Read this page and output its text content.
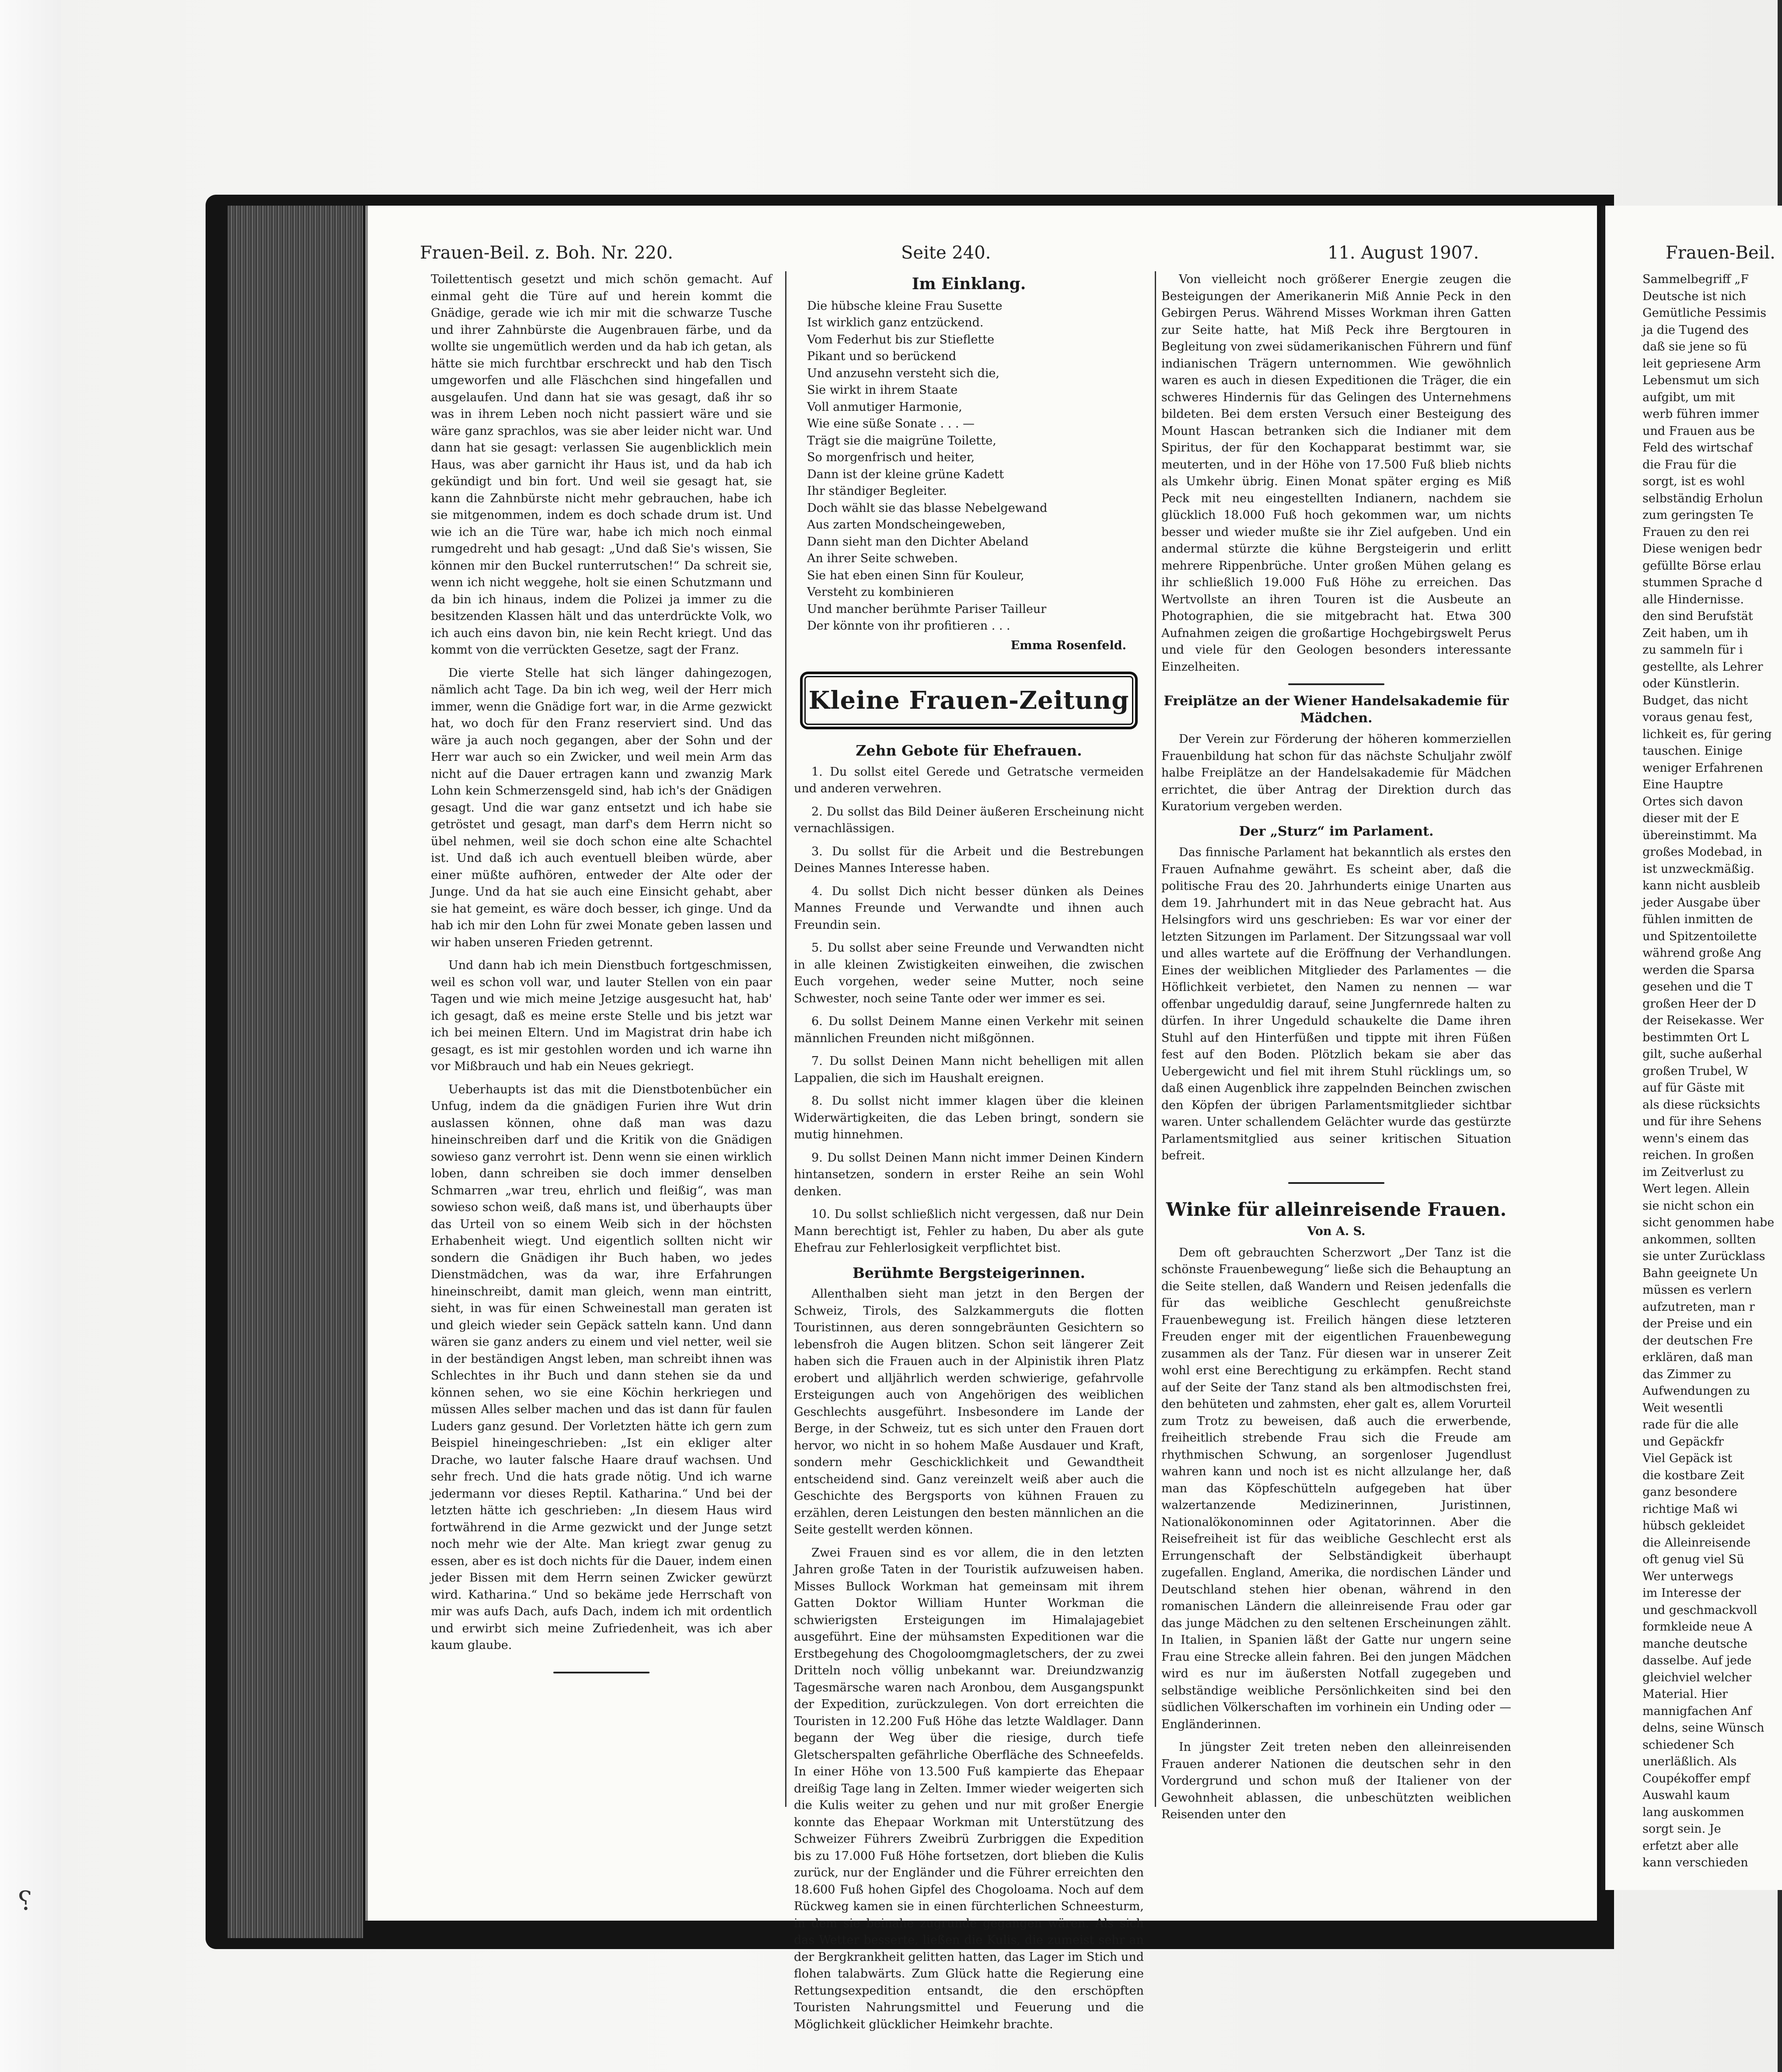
Frauen-Beil. z. Boh. Nr. 220.	Seite 240.	11. August 1907.	Frauen-Beil.

Toilettentisch gesetzt und mich schön gemacht. Auf einmal geht die Türe auf und herein kommt die Gnädige, gerade wie ich mir mit die schwarze Tusche und ihrer Zahnbürste die Augenbrauen färbe, und da wollte sie ungemütlich werden und da hab ich getan, als hätte sie mich furchtbar erschreckt und hab den Tisch umgeworfen und alle Fläschchen sind hingefallen und ausgelaufen. Und dann hat sie was gesagt, daß ihr so was in ihrem Leben noch nicht passiert wäre und sie wäre ganz sprachlos, was sie aber leider nicht war. Und dann hat sie gesagt: verlassen Sie augenblicklich mein Haus, was aber garnicht ihr Haus ist, und da hab ich gekündigt und bin fort. Und weil sie gesagt hat, sie kann die Zahnbürste nicht mehr gebrauchen, habe ich sie mitgenommen, indem es doch schade drum ist. Und wie ich an die Türe war, habe ich mich noch einmal rumgedreht und hab gesagt: „Und daß Sie's wissen, Sie können mir den Buckel runterrutschen!“ Da schreit sie, wenn ich nicht weggehe, holt sie einen Schutzmann und da bin ich hinaus, indem die Polizei ja immer zu die besitzenden Klassen hält und das unterdrückte Volk, wo ich auch eins davon bin, nie kein Recht kriegt. Und das kommt von die verrückten Gesetze, sagt der Franz.

Die vierte Stelle hat sich länger dahingezogen, nämlich acht Tage. Da bin ich weg, weil der Herr mich immer, wenn die Gnädige fort war, in die Arme gezwickt hat, wo doch für den Franz reserviert sind. Und das wäre ja auch noch gegangen, aber der Sohn und der Herr war auch so ein Zwicker, und weil mein Arm das nicht auf die Dauer ertragen kann und zwanzig Mark Lohn kein Schmerzensgeld sind, hab ich's der Gnädigen gesagt. Und die war ganz entsetzt und ich habe sie getröstet und gesagt, man darf's dem Herrn nicht so übel nehmen, weil sie doch schon eine alte Schachtel ist. Und daß ich auch eventuell bleiben würde, aber einer müßte aufhören, entweder der Alte oder der Junge. Und da hat sie auch eine Einsicht gehabt, aber sie hat gemeint, es wäre doch besser, ich ginge. Und da hab ich mir den Lohn für zwei Monate geben lassen und wir haben unseren Frieden getrennt.

Und dann hab ich mein Dienstbuch fortgeschmissen, weil es schon voll war, und lauter Stellen von ein paar Tagen und wie mich meine Jetzige ausgesucht hat, hab' ich gesagt, daß es meine erste Stelle und bis jetzt war ich bei meinen Eltern. Und im Magistrat drin habe ich gesagt, es ist mir gestohlen worden und ich warne ihn vor Mißbrauch und hab ein Neues gekriegt.

Ueberhaupts ist das mit die Dienstbotenbücher ein Unfug, indem da die gnädigen Furien ihre Wut drin auslassen können, ohne daß man was dazu hineinschreiben darf und die Kritik von die Gnädigen sowieso ganz verrohrt ist. Denn wenn sie einen wirklich loben, dann schreiben sie doch immer denselben Schmarren „war treu, ehrlich und fleißig“, was man sowieso schon weiß, daß mans ist, und überhaupts über das Urteil von so einem Weib sich in der höchsten Erhabenheit wiegt. Und eigentlich sollten nicht wir sondern die Gnädigen ihr Buch haben, wo jedes Dienstmädchen, was da war, ihre Erfahrungen hineinschreibt, damit man gleich, wenn man eintritt, sieht, in was für einen Schweinestall man geraten ist und gleich wieder sein Gepäck satteln kann. Und dann wären sie ganz anders zu einem und viel netter, weil sie in der beständigen Angst leben, man schreibt ihnen was Schlechtes in ihr Buch und dann stehen sie da und können sehen, wo sie eine Köchin herkriegen und müssen Alles selber machen und das ist dann für faulen Luders ganz gesund. Der Vorletzten hätte ich gern zum Beispiel hineingeschrieben: „Ist ein ekliger alter Drache, wo lauter falsche Haare drauf wachsen. Und sehr frech. Und die hats grade nötig. Und ich warne jedermann vor dieses Reptil. Katharina.“ Und bei der letzten hätte ich geschrieben: „In diesem Haus wird fortwährend in die Arme gezwickt und der Junge setzt noch mehr wie der Alte. Man kriegt zwar genug zu essen, aber es ist doch nichts für die Dauer, indem einen jeder Bissen mit dem Herrn seinen Zwicker gewürzt wird. Katharina.“ Und so bekäme jede Herrschaft von mir was aufs Dach, aufs Dach, indem ich mit ordentlich und erwirbt sich meine Zufriedenheit, was ich aber kaum glaube.

Im Einklang.
Die hübsche kleine Frau Susette
Ist wirklich ganz entzückend.
Vom Federhut bis zur Stieflette
Pikant und so berückend
Und anzusehn versteht sich die,
Sie wirkt in ihrem Staate
Voll anmutiger Harmonie,
Wie eine süße Sonate . . . —
Trägt sie die maigrüne Toilette,
So morgenfrisch und heiter,
Dann ist der kleine grüne Kadett
Ihr ständiger Begleiter.
Doch wählt sie das blasse Nebelgewand
Aus zarten Mondscheingeweben,
Dann sieht man den Dichter Abeland
An ihrer Seite schweben.
Sie hat eben einen Sinn für Kouleur,
Versteht zu kombinieren
Und mancher berühmte Pariser Tailleur
Der könnte von ihr profitieren . . .
Emma Rosenfeld.
Kleine Frauen-Zeitung
Zehn Gebote für Ehefrauen.

1. Du sollst eitel Gerede und Getratsche vermeiden und anderen verwehren.

2. Du sollst das Bild Deiner äußeren Erscheinung nicht vernachlässigen.

3. Du sollst für die Arbeit und die Bestrebungen Deines Mannes Interesse haben.

4. Du sollst Dich nicht besser dünken als Deines Mannes Freunde und Verwandte und ihnen auch Freundin sein.

5. Du sollst aber seine Freunde und Verwandten nicht in alle kleinen Zwistigkeiten einweihen, die zwischen Euch vorgehen, weder seine Mutter, noch seine Schwester, noch seine Tante oder wer immer es sei.

6. Du sollst Deinem Manne einen Verkehr mit seinen männlichen Freunden nicht mißgönnen.

7. Du sollst Deinen Mann nicht behelligen mit allen Lappalien, die sich im Haushalt ereignen.

8. Du sollst nicht immer klagen über die kleinen Widerwärtigkeiten, die das Leben bringt, sondern sie mutig hinnehmen.

9. Du sollst Deinen Mann nicht immer Deinen Kindern hintansetzen, sondern in erster Reihe an sein Wohl denken.

10. Du sollst schließlich nicht vergessen, daß nur Dein Mann berechtigt ist, Fehler zu haben, Du aber als gute Ehefrau zur Fehlerlosigkeit verpflichtet bist.

Berühmte Bergsteigerinnen.

Allenthalben sieht man jetzt in den Bergen der Schweiz, Tirols, des Salzkammerguts die flotten Touristinnen, aus deren sonngebräunten Gesichtern so lebensfroh die Augen blitzen. Schon seit längerer Zeit haben sich die Frauen auch in der Alpinistik ihren Platz erobert und alljährlich werden schwierige, gefahrvolle Ersteigungen auch von Angehörigen des weiblichen Geschlechts ausgeführt. Insbesondere im Lande der Berge, in der Schweiz, tut es sich unter den Frauen dort hervor, wo nicht in so hohem Maße Ausdauer und Kraft, sondern mehr Geschicklichkeit und Gewandtheit entscheidend sind. Ganz vereinzelt weiß aber auch die Geschichte des Bergsports von kühnen Frauen zu erzählen, deren Leistungen den besten männlichen an die Seite gestellt werden können.

Zwei Frauen sind es vor allem, die in den letzten Jahren große Taten in der Touristik aufzuweisen haben. Misses Bullock Workman hat gemeinsam mit ihrem Gatten Doktor William Hunter Workman die schwierigsten Ersteigungen im Himalajagebiet ausgeführt. Eine der mühsamsten Expeditionen war die Erstbegehung des Chogoloomgmagletschers, der zu zwei Dritteln noch völlig unbekannt war. Dreiundzwanzig Tagesmärsche waren nach Aronbou, dem Ausgangspunkt der Expedition, zurückzulegen. Von dort erreichten die Touristen in 12.200 Fuß Höhe das letzte Waldlager. Dann begann der Weg über die riesige, durch tiefe Gletscherspalten gefährliche Oberfläche des Schneefelds. In einer Höhe von 13.500 Fuß kampierte das Ehepaar dreißig Tage lang in Zelten. Immer wieder weigerten sich die Kulis weiter zu gehen und nur mit großer Energie konnte das Ehepaar Workman mit Unterstützung des Schweizer Führers Zweibrü Zurbriggen die Expedition bis zu 17.000 Fuß Höhe fortsetzen, dort blieben die Kulis zurück, nur der Engländer und die Führer erreichten den 18.600 Fuß hohen Gipfel des Chogoloama. Noch auf dem Rückweg kamen sie in einen fürchterlichen Schneesturm, in dem sie beinahe zugrunde gegangen wären. Als sich das Wetter besserte, ließen die Kulis, die zumeist sehr an der Bergkrankheit gelitten hatten, das Lager im Stich und flohen talabwärts. Zum Glück hatte die Regierung eine Rettungsexpedition entsandt, die den erschöpften Touristen Nahrungsmittel und Feuerung und die Möglichkeit glücklicher Heimkehr brachte.

Von vielleicht noch größerer Energie zeugen die Besteigungen der Amerikanerin Miß Annie Peck in den Gebirgen Perus. Während Misses Workman ihren Gatten zur Seite hatte, hat Miß Peck ihre Bergtouren in Begleitung von zwei südamerikanischen Führern und fünf indianischen Trägern unternommen. Wie gewöhnlich waren es auch in diesen Expeditionen die Träger, die ein schweres Hindernis für das Gelingen des Unternehmens bildeten. Bei dem ersten Versuch einer Besteigung des Mount Hascan betranken sich die Indianer mit dem Spiritus, der für den Kochapparat bestimmt war, sie meuterten, und in der Höhe von 17.500 Fuß blieb nichts als Umkehr übrig. Einen Monat später erging es Miß Peck mit neu eingestellten Indianern, nachdem sie glücklich 18.000 Fuß hoch gekommen war, um nichts besser und wieder mußte sie ihr Ziel aufgeben. Und ein andermal stürzte die kühne Bergsteigerin und erlitt mehrere Rippenbrüche. Unter großen Mühen gelang es ihr schließlich 19.000 Fuß Höhe zu erreichen. Das Wertvollste an ihren Touren ist die Ausbeute an Photographien, die sie mitgebracht hat. Etwa 300 Aufnahmen zeigen die großartige Hochgebirgswelt Perus und viele für den Geologen besonders interessante Einzelheiten.

Freiplätze an der Wiener Handelsakademie für Mädchen.

Der Verein zur Förderung der höheren kommerziellen Frauenbildung hat schon für das nächste Schuljahr zwölf halbe Freiplätze an der Handelsakademie für Mädchen errichtet, die über Antrag der Direktion durch das Kuratorium vergeben werden.

Der „Sturz“ im Parlament.

Das finnische Parlament hat bekanntlich als erstes den Frauen Aufnahme gewährt. Es scheint aber, daß die politische Frau des 20. Jahrhunderts einige Unarten aus dem 19. Jahrhundert mit in das Neue gebracht hat. Aus Helsingfors wird uns geschrieben: Es war vor einer der letzten Sitzungen im Parlament. Der Sitzungssaal war voll und alles wartete auf die Eröffnung der Verhandlungen. Eines der weiblichen Mitglieder des Parlamentes — die Höflichkeit verbietet, den Namen zu nennen — war offenbar ungeduldig darauf, seine Jungfernrede halten zu dürfen. In ihrer Ungeduld schaukelte die Dame ihren Stuhl auf den Hinterfüßen und tippte mit ihren Füßen fest auf den Boden. Plötzlich bekam sie aber das Uebergewicht und fiel mit ihrem Stuhl rücklings um, so daß einen Augenblick ihre zappelnden Beinchen zwischen den Köpfen der übrigen Parlamentsmitglieder sichtbar waren. Unter schallendem Gelächter wurde das gestürzte Parlamentsmitglied aus seiner kritischen Situation befreit.

Winke für alleinreisende Frauen.
Von A. S.

Dem oft gebrauchten Scherzwort „Der Tanz ist die schönste Frauenbewegung“ ließe sich die Behauptung an die Seite stellen, daß Wandern und Reisen jedenfalls die für das weibliche Geschlecht genußreichste Frauenbewegung ist. Freilich hängen diese letzteren Freuden enger mit der eigentlichen Frauenbewegung zusammen als der Tanz. Für diesen war in unserer Zeit wohl erst eine Berechtigung zu erkämpfen. Recht stand auf der Seite der Tanz stand als ben altmodischsten frei, den behüteten und zahmsten, eher galt es, allem Vorurteil zum Trotz zu beweisen, daß auch die erwerbende, freiheitlich strebende Frau sich die Freude am rhythmischen Schwung, an sorgenloser Jugendlust wahren kann und noch ist es nicht allzulange her, daß man das Köpfeschütteln aufgegeben hat über walzertanzende Medizinerinnen, Juristinnen, Nationalökonominnen oder Agitatorinnen. Aber die Reisefreiheit ist für das weibliche Geschlecht erst als Errungenschaft der Selbständigkeit überhaupt zugefallen. England, Amerika, die nordischen Länder und Deutschland stehen hier obenan, während in den romanischen Ländern die alleinreisende Frau oder gar das junge Mädchen zu den seltenen Erscheinungen zählt. In Italien, in Spanien läßt der Gatte nur ungern seine Frau eine Strecke allein fahren. Bei den jungen Mädchen wird es nur im äußersten Notfall zugegeben und selbständige weibliche Persönlichkeiten sind bei den südlichen Völkerschaften im vorhinein ein Unding oder — Engländerinnen.

In jüngster Zeit treten neben den alleinreisenden Frauen anderer Nationen die deutschen sehr in den Vordergrund und schon muß der Italiener von der Gewohnheit ablassen, die unbeschützten weiblichen Reisenden unter den

Sammelbegriff „F
Deutsche ist nich
Gemütliche Pessimis
ja die Tugend des
daß sie jene so fü
leit gepriesene Arm
Lebensmut um sich
aufgibt, um mit
werb führen immer
und Frauen aus be
Feld des wirtschaf
die Frau für die
sorgt, ist es wohl
selbständig Erholun
zum geringsten Te
Frauen zu den rei
Diese wenigen bedr
gefüllte Börse erlau
stummen Sprache d
alle Hindernisse.
den sind Berufstät
Zeit haben, um ih
zu sammeln für i
gestellte, als Lehrer
oder Künstlerin.
Budget, das nicht
voraus genau fest,
lichkeit es, für gering
tauschen. Einige
weniger Erfahrenen
Eine Hauptre
Ortes sich davon
dieser mit der E
übereinstimmt. Ma
großes Modebad, in
ist unzweckmäßig.
kann nicht ausbleib
jeder Ausgabe über
fühlen inmitten de
und Spitzentoilette
während große Ang
werden die Sparsa
gesehen und die T
großen Heer der D
der Reisekasse. Wer
bestimmten Ort L
gilt, suche außerhal
großen Trubel, W
auf für Gäste mit
als diese rücksichts
und für ihre Sehens
wenn's einem das
reichen. In großen
im Zeitverlust zu
Wert legen. Allein
sie nicht schon ein
sicht genommen habe
ankommen, sollten
sie unter Zurücklass
Bahn geeignete Un
müssen es verlern
aufzutreten, man r
der Preise und ein
der deutschen Fre
erklären, daß man
das Zimmer zu
Aufwendungen zu
Weit wesentli
rade für die alle
und Gepäckfr
Viel Gepäck ist
die kostbare Zeit
ganz besondere
richtige Maß wi
hübsch gekleidet
die Alleinreisende
oft genug viel Sü
Wer unterwegs
im Interesse der
und geschmackvoll
formkleide neue A
manche deutsche
dasselbe. Auf jede
gleichviel welcher
Material. Hier
mannigfachen Anf
delns, seine Wünsch
schiedener Sch
unerläßlich. Als
Coupékoffer empf
Auswahl kaum
lang auskommen
sorgt sein. Je
erfetzt aber alle
kann verschieden
⸮
